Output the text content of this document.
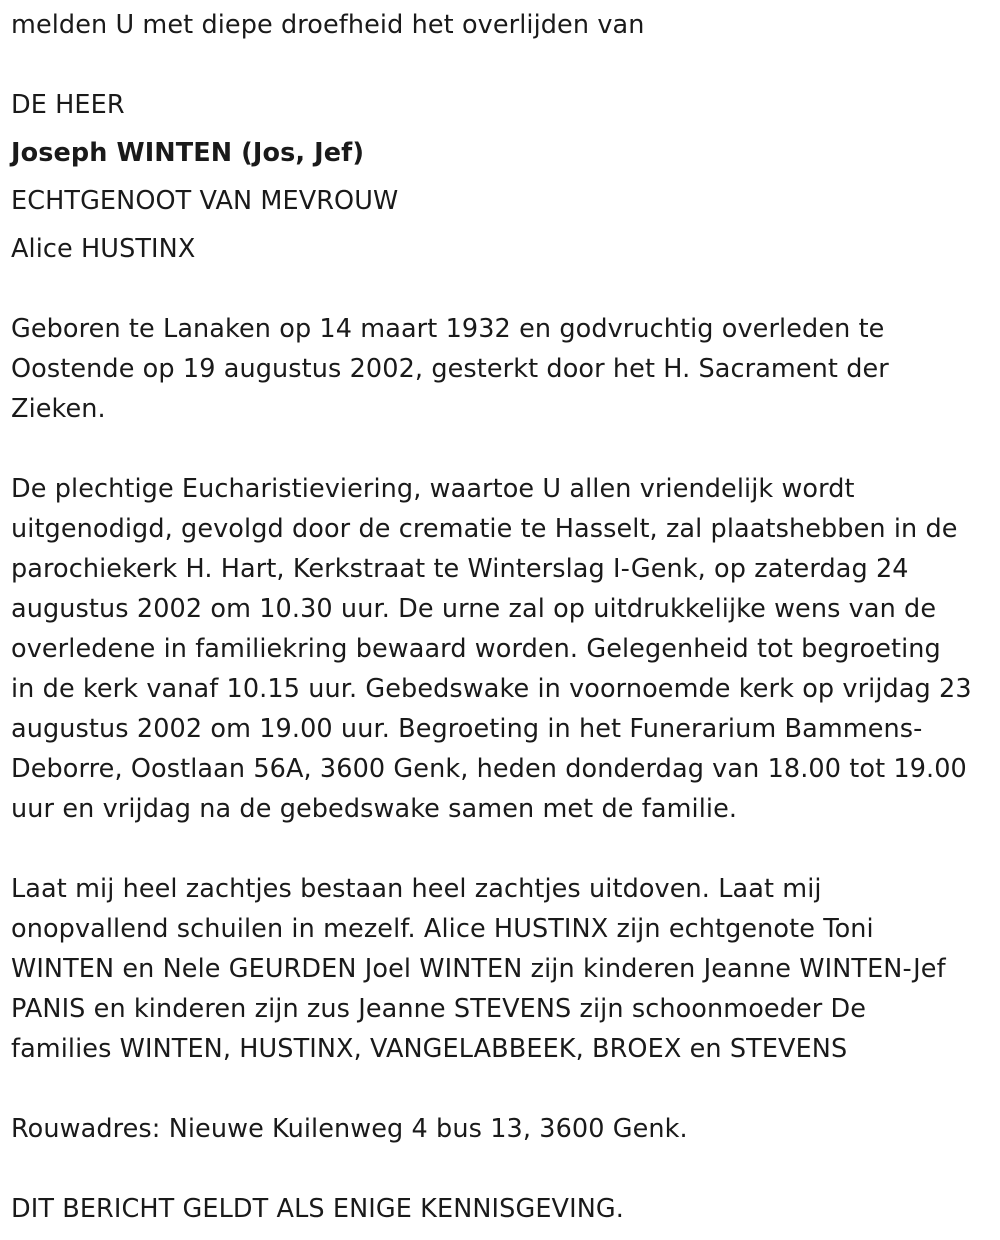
melden U met diepe droefheid het overlijden van
DE HEER
Joseph WINTEN (Jos, Jef)
ECHTGENOOT VAN MEVROUW
Alice HUSTINX
Geboren te Lanaken op 14 maart 1932 en godvruchtig overleden te
Oostende op 19 augustus 2002, gesterkt door het H. Sacrament der
Zieken.
De plechtige Eucharistieviering, waartoe U allen vriendelijk wordt
uitgenodigd, gevolgd door de crematie te Hasselt, zal plaatshebben in de
parochiekerk H. Hart, Kerkstraat te Winterslag I-Genk, op zaterdag 24
augustus 2002 om 10.30 uur. De urne zal op uitdrukkelijke wens van de
overledene in familiekring bewaard worden. Gelegenheid tot begroeting
in de kerk vanaf 10.15 uur. Gebedswake in voornoemde kerk op vrijdag 23
augustus 2002 om 19.00 uur. Begroeting in het Funerarium Bammens-
Deborre, Oostlaan 56A, 3600 Genk, heden donderdag van 18.00 tot 19.00
uur en vrijdag na de gebedswake samen met de familie.
Laat mij heel zachtjes bestaan heel zachtjes uitdoven. Laat mij
onopvallend schuilen in mezelf. Alice HUSTINX zijn echtgenote Toni
WINTEN en Nele GEURDEN Joel WINTEN zijn kinderen Jeanne WINTEN-Jef
PANIS en kinderen zijn zus Jeanne STEVENS zijn schoonmoeder De
families WINTEN, HUSTINX, VANGELABBEEK, BROEX en STEVENS
Rouwadres: Nieuwe Kuilenweg 4 bus 13, 3600 Genk.
DIT BERICHT GELDT ALS ENIGE KENNISGEVING.
